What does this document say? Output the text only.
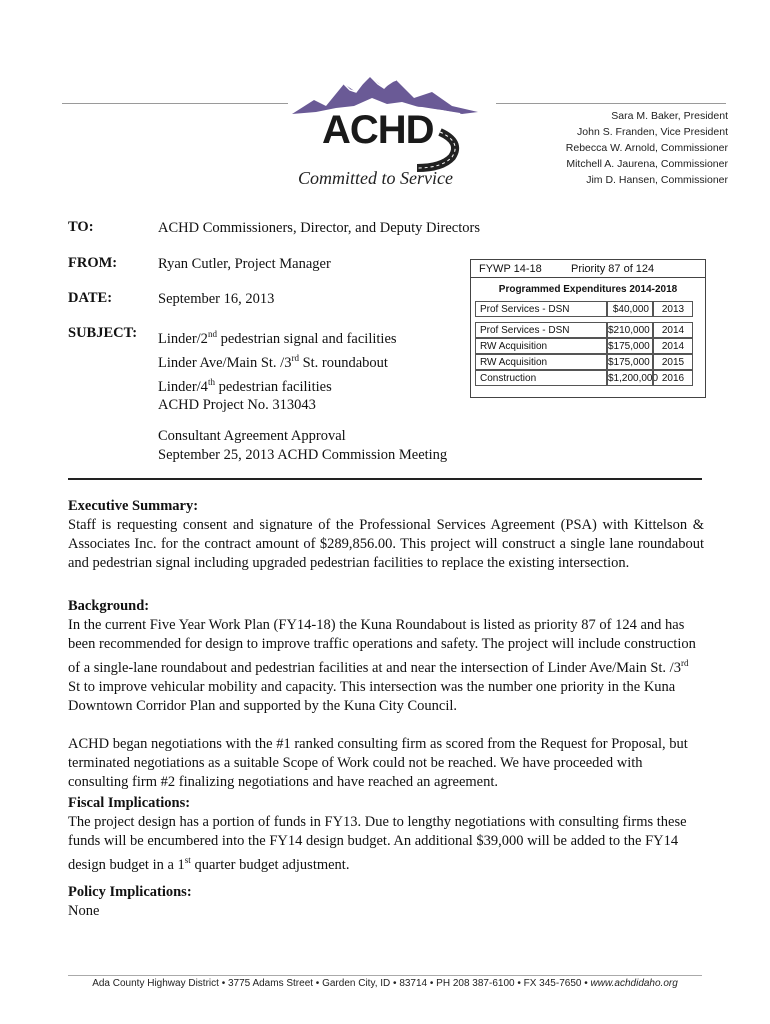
ACHD
Committed to Service
Sara M. Baker, President
John S. Franden, Vice President
Rebecca W. Arnold, Commissioner
Mitchell A. Jaurena, Commissioner
Jim D. Hansen, Commissioner
TO:	ACHD Commissioners, Director, and Deputy Directors
FROM:	Ryan Cutler, Project Manager
DATE:	September 16, 2013
SUBJECT: Linder/2nd pedestrian signal and facilities
Linder Ave/Main St. /3rd St. roundabout
Linder/4th pedestrian facilities
ACHD Project No. 313043
Consultant Agreement Approval
September 25, 2013 ACHD Commission Meeting
FYWP 14-18	Priority 87 of 124
Programmed Expenditures 2014-2018
Prof Services - DSN	$40,000	2013
Prof Services - DSN	$210,000	2014
RW Acquisition	$175,000	2014
RW Acquisition	$175,000	2015
Construction	$1,200,000 2016
Executive Summary:
Staff is requesting consent and signature of the Professional Services Agreement (PSA) with Kittelson & Associates Inc. for the contract amount of $289,856.00. This project will construct a single lane roundabout and pedestrian signal including upgraded pedestrian facilities to replace the existing intersection.
Background:
In the current Five Year Work Plan (FY14-18) the Kuna Roundabout is listed as priority 87 of 124 and has been recommended for design to improve traffic operations and safety. The project will include construction of a single-lane roundabout and pedestrian facilities at and near the intersection of Linder Ave/Main St. /3rd St to improve vehicular mobility and capacity. This intersection was the number one priority in the Kuna Downtown Corridor Plan and supported by the Kuna City Council.
ACHD began negotiations with the #1 ranked consulting firm as scored from the Request for Proposal, but terminated negotiations as a suitable Scope of Work could not be reached. We have proceeded with consulting firm #2 finalizing negotiations and have reached an agreement.
Fiscal Implications:
The project design has a portion of funds in FY13. Due to lengthy negotiations with consulting firms these funds will be encumbered into the FY14 design budget. An additional $39,000 will be added to the FY14 design budget in a 1st quarter budget adjustment.
Policy Implications:
None
Ada County Highway District • 3775 Adams Street • Garden City, ID • 83714 • PH 208 387-6100 • FX 345-7650 • www.achdidaho.org
